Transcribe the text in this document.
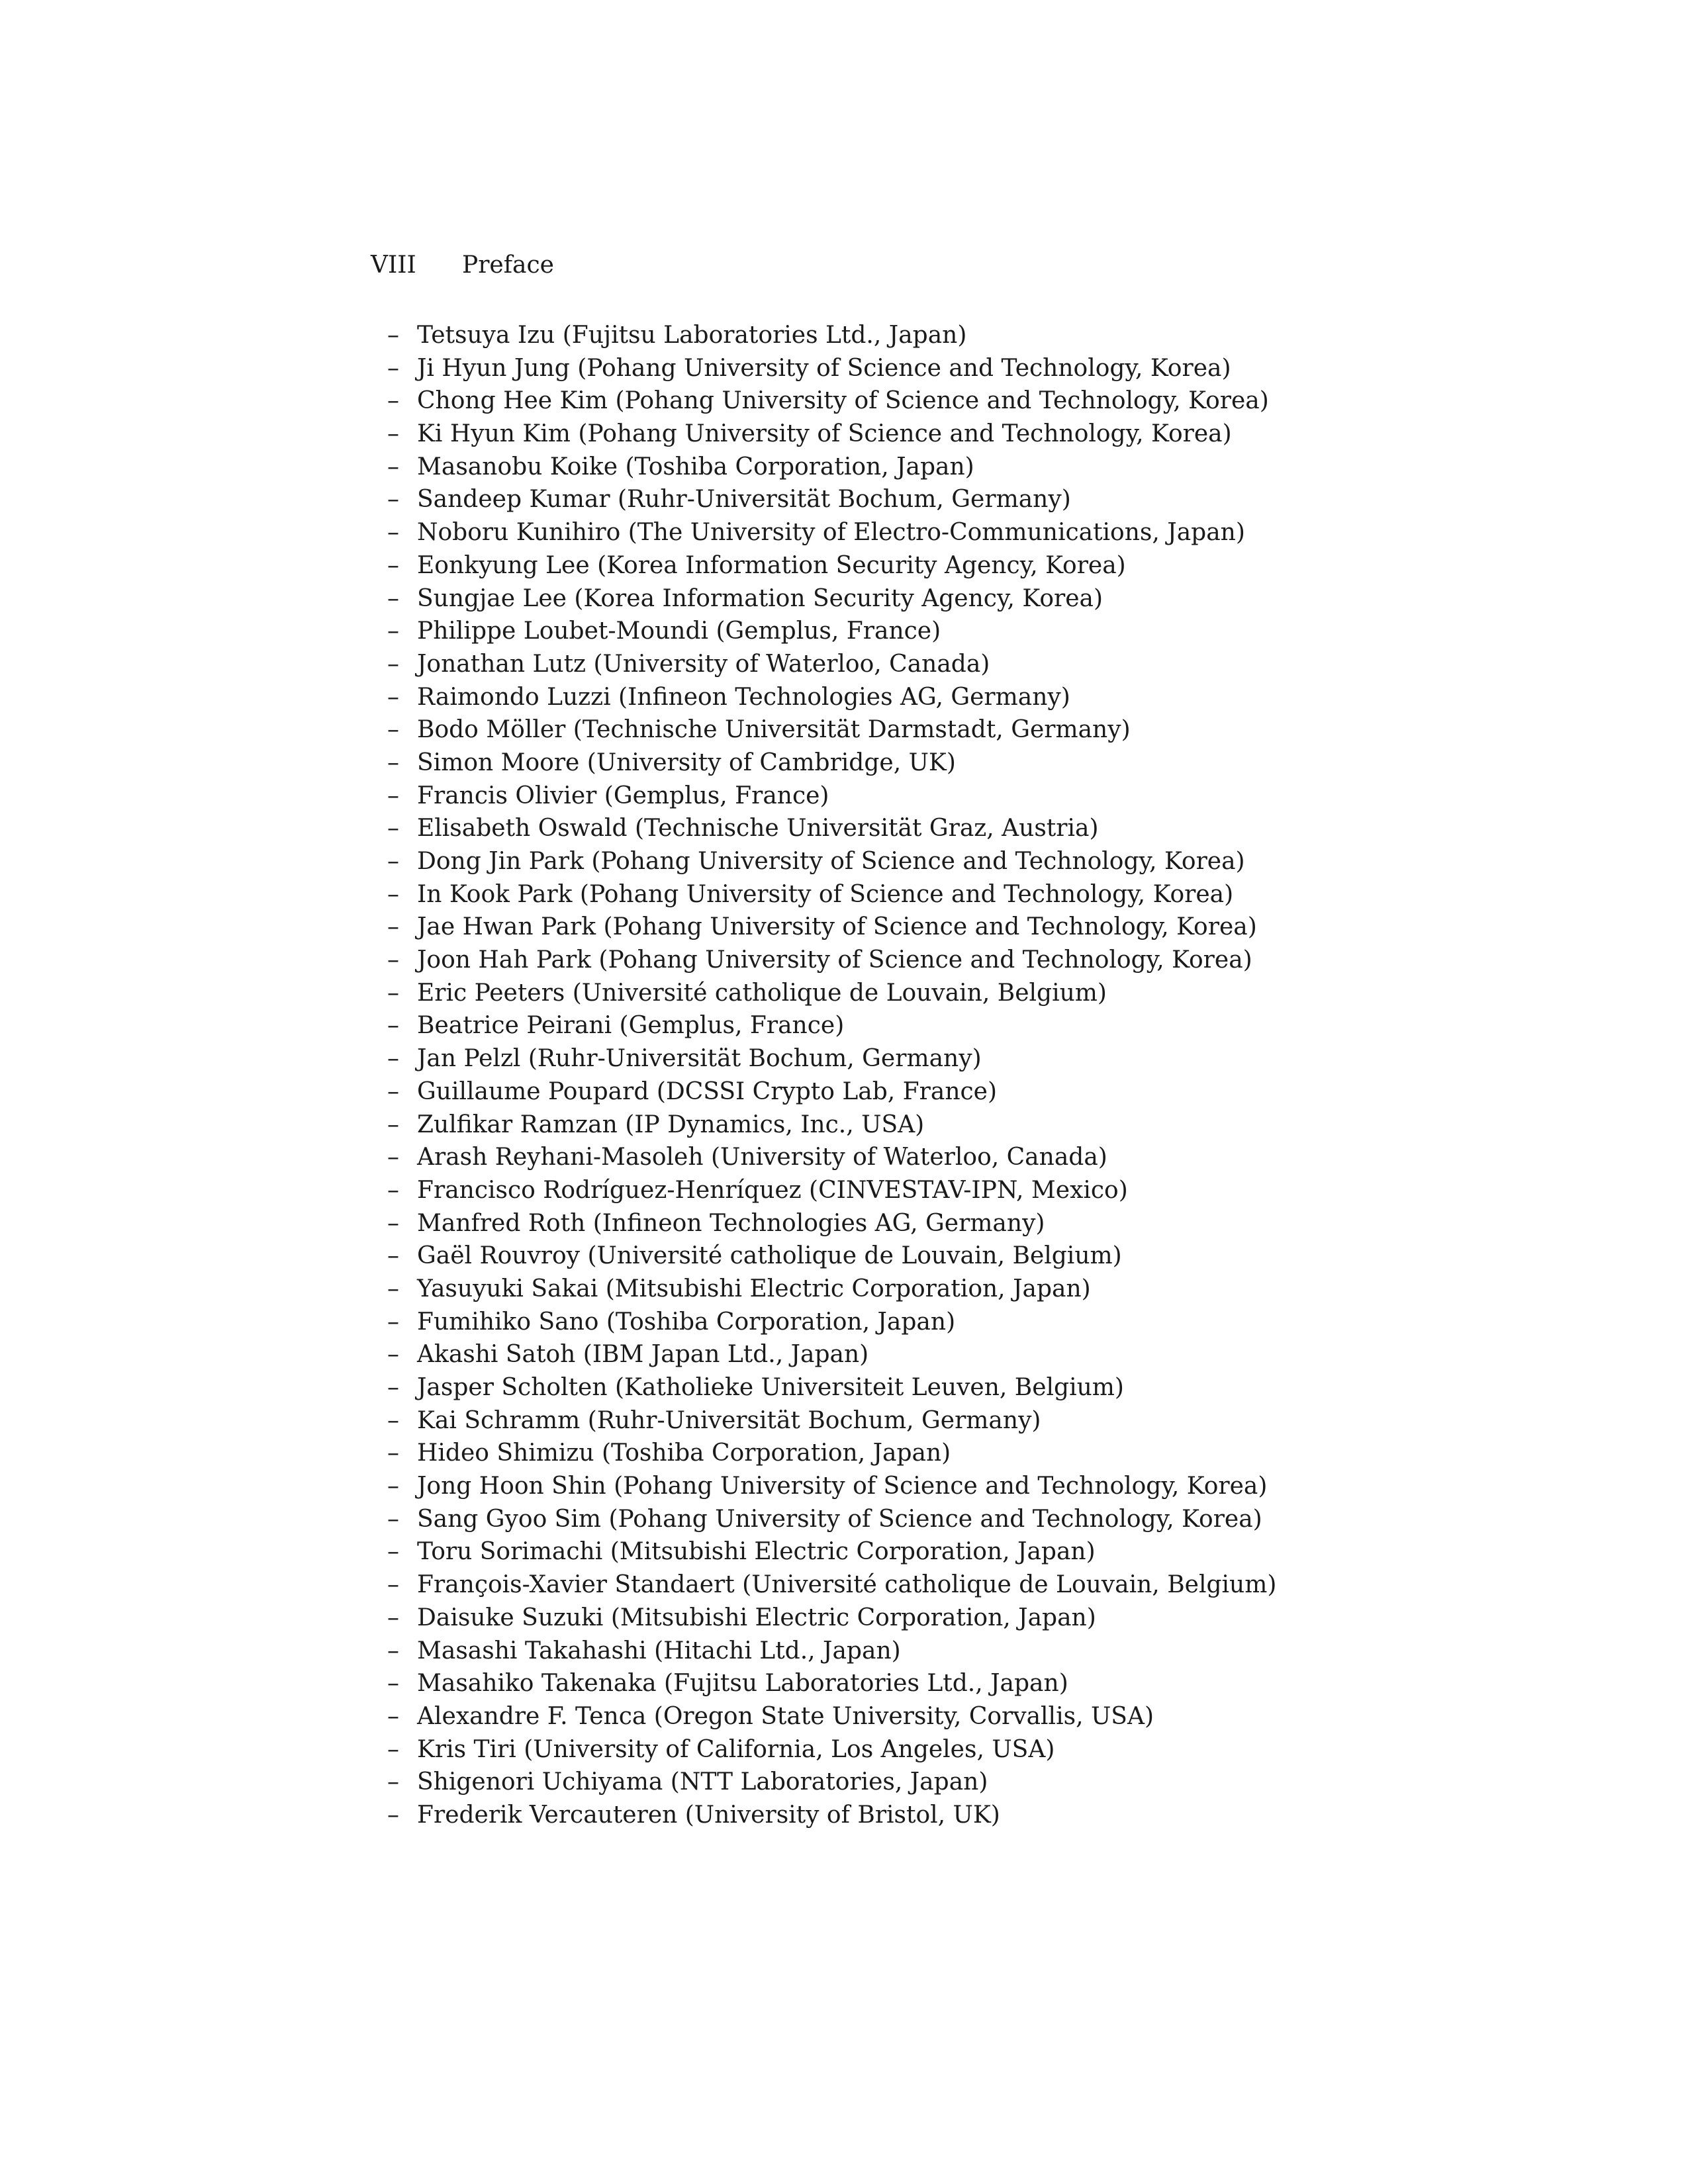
VIII Preface
– Tetsuya Izu (Fujitsu Laboratories Ltd., Japan)
– Ji Hyun Jung (Pohang University of Science and Technology, Korea)
– Chong Hee Kim (Pohang University of Science and Technology, Korea)
– Ki Hyun Kim (Pohang University of Science and Technology, Korea)
– Masanobu Koike (Toshiba Corporation, Japan)
– Sandeep Kumar (Ruhr-Universität Bochum, Germany)
– Noboru Kunihiro (The University of Electro-Communications, Japan)
– Eonkyung Lee (Korea Information Security Agency, Korea)
– Sungjae Lee (Korea Information Security Agency, Korea)
– Philippe Loubet-Moundi (Gemplus, France)
– Jonathan Lutz (University of Waterloo, Canada)
– Raimondo Luzzi (Infineon Technologies AG, Germany)
– Bodo Möller (Technische Universität Darmstadt, Germany)
– Simon Moore (University of Cambridge, UK)
– Francis Olivier (Gemplus, France)
– Elisabeth Oswald (Technische Universität Graz, Austria)
– Dong Jin Park (Pohang University of Science and Technology, Korea)
– In Kook Park (Pohang University of Science and Technology, Korea)
– Jae Hwan Park (Pohang University of Science and Technology, Korea)
– Joon Hah Park (Pohang University of Science and Technology, Korea)
– Eric Peeters (Université catholique de Louvain, Belgium)
– Beatrice Peirani (Gemplus, France)
– Jan Pelzl (Ruhr-Universität Bochum, Germany)
– Guillaume Poupard (DCSSI Crypto Lab, France)
– Zulfikar Ramzan (IP Dynamics, Inc., USA)
– Arash Reyhani-Masoleh (University of Waterloo, Canada)
– Francisco Rodríguez-Henríquez (CINVESTAV-IPN, Mexico)
– Manfred Roth (Infineon Technologies AG, Germany)
– Gaël Rouvroy (Université catholique de Louvain, Belgium)
– Yasuyuki Sakai (Mitsubishi Electric Corporation, Japan)
– Fumihiko Sano (Toshiba Corporation, Japan)
– Akashi Satoh (IBM Japan Ltd., Japan)
– Jasper Scholten (Katholieke Universiteit Leuven, Belgium)
– Kai Schramm (Ruhr-Universität Bochum, Germany)
– Hideo Shimizu (Toshiba Corporation, Japan)
– Jong Hoon Shin (Pohang University of Science and Technology, Korea)
– Sang Gyoo Sim (Pohang University of Science and Technology, Korea)
– Toru Sorimachi (Mitsubishi Electric Corporation, Japan)
– François-Xavier Standaert (Université catholique de Louvain, Belgium)
– Daisuke Suzuki (Mitsubishi Electric Corporation, Japan)
– Masashi Takahashi (Hitachi Ltd., Japan)
– Masahiko Takenaka (Fujitsu Laboratories Ltd., Japan)
– Alexandre F. Tenca (Oregon State University, Corvallis, USA)
– Kris Tiri (University of California, Los Angeles, USA)
– Shigenori Uchiyama (NTT Laboratories, Japan)
– Frederik Vercauteren (University of Bristol, UK)
